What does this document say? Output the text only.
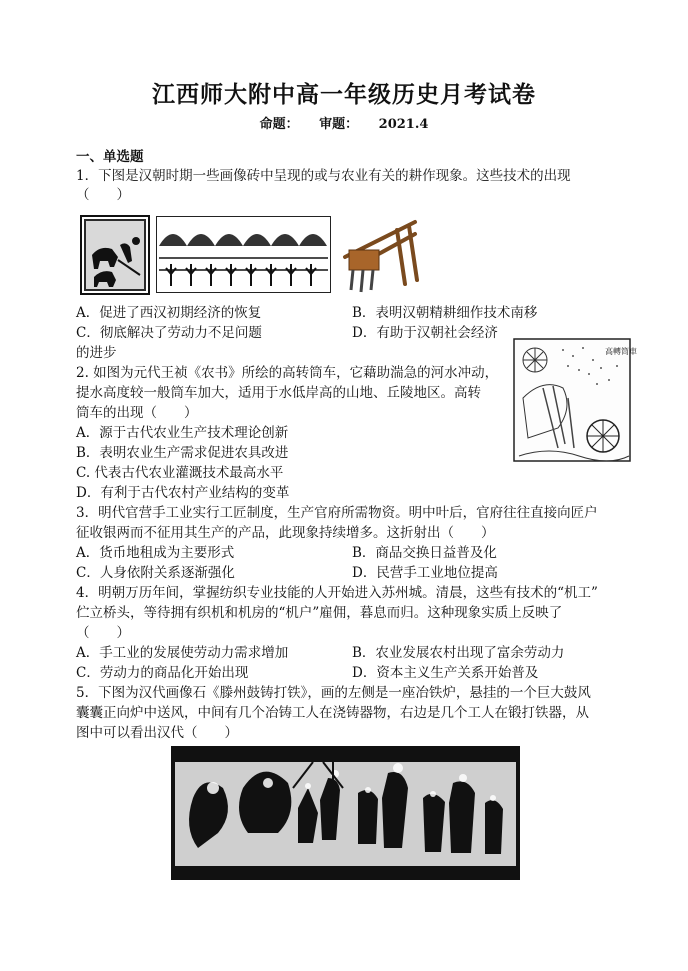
江西师大附中高一年级历史月考试卷
命题： 审题： 2021.4
一、单选题
1．下图是汉朝时期一些画像砖中呈现的或与农业有关的耕作现象。这些技术的出现
（　　）
A．促进了西汉初期经济的恢复	B．表明汉朝精耕细作技术南移
C．彻底解决了劳动力不足问题	D．有助于汉朝社会经济
的进步	高轉筒車
2. 如图为元代王祯《农书》所绘的高转筒车，它藉助湍急的河水冲动，
提水高度较一般筒车加大，适用于水低岸高的山地、丘陵地区。高转
筒车的出现（　　）
A．源于古代农业生产技术理论创新
B．表明农业生产需求促进农具改进
C. 代表古代农业灌溉技术最高水平
D．有利于古代农村产业结构的变革
3．明代官营手工业实行工匠制度，生产官府所需物资。明中叶后，官府往往直接向匠户
征收银两而不征用其生产的产品，此现象持续增多。这折射出（　　）
A．货币地租成为主要形式	B．商品交换日益普及化
C．人身依附关系逐渐强化	D．民营手工业地位提高
4．明朝万历年间，掌握纺织专业技能的人开始进入苏州城。清晨，这些有技术的“机工”
伫立桥头，等待拥有织机和机房的“机户”雇佣，暮息而归。这种现象实质上反映了
（　　）
A．手工业的发展使劳动力需求增加	B．农业发展农村出现了富余劳动力
C．劳动力的商品化开始出现	D．资本主义生产关系开始普及
5．下图为汉代画像石《滕州鼓铸打铁》，画的左侧是一座冶铁炉，悬挂的一个巨大鼓风
囊囊正向炉中送风，中间有几个冶铸工人在浇铸器物，右边是几个工人在锻打铁器，从
图中可以看出汉代（　　）
